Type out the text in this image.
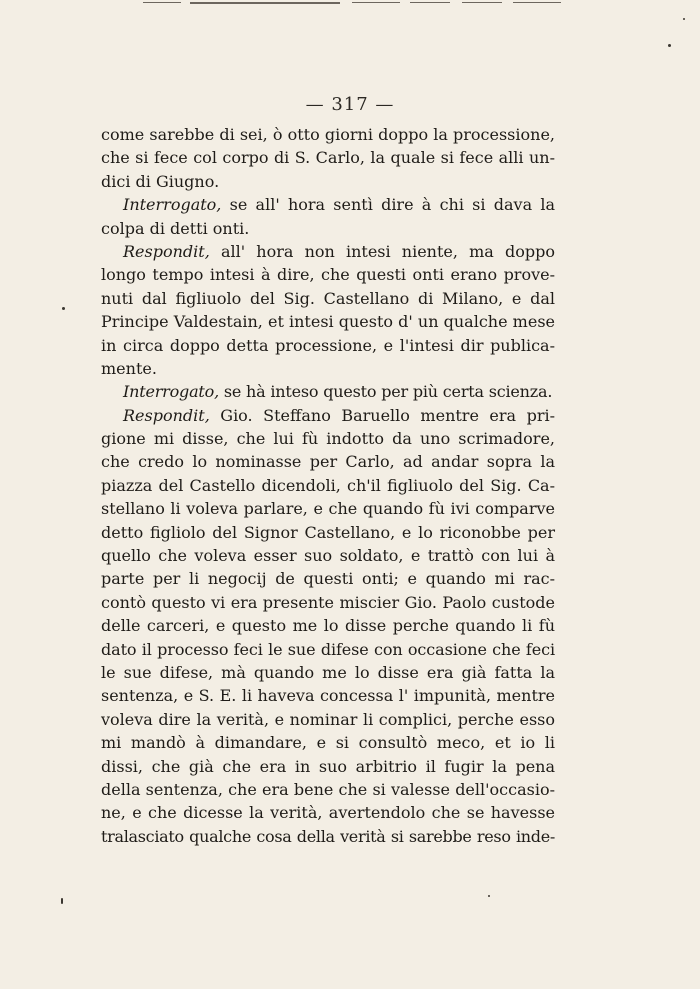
— 317 —
come sarebbe di sei, ò otto giorni doppo la processione,
che si fece col corpo di S. Carlo, la quale si fece alli un-
dici di Giugno.
Interrogato, se all' hora sentì dire à chi si dava la
colpa di detti onti.
Respondit, all' hora non intesi niente, ma doppo
longo tempo intesi à dire, che questi onti erano prove-
nuti dal figliuolo del Sig. Castellano di Milano, e dal
Principe Valdestain, et intesi questo d' un qualche mese
in circa doppo detta processione, e l'intesi dir publica-
mente.
Interrogato, se hà inteso questo per più certa scienza.
Respondit, Gio. Steffano Baruello mentre era pri-
gione mi disse, che lui fù indotto da uno scrimadore,
che credo lo nominasse per Carlo, ad andar sopra la
piazza del Castello dicendoli, ch'il figliuolo del Sig. Ca-
stellano li voleva parlare, e che quando fù ivi comparve
detto figliolo del Signor Castellano, e lo riconobbe per
quello che voleva esser suo soldato, e trattò con lui à
parte per li negocij de questi onti; e quando mi rac-
contò questo vi era presente miscier Gio. Paolo custode
delle carceri, e questo me lo disse perche quando li fù
dato il processo feci le sue difese con occasione che feci
le sue difese, mà quando me lo disse era già fatta la
sentenza, e S. E. li haveva concessa l' impunità, mentre
voleva dire la verità, e nominar li complici, perche esso
mi mandò à dimandare, e si consultò meco, et io li
dissi, che già che era in suo arbitrio il fugir la pena
della sentenza, che era bene che si valesse dell'occasio-
ne, e che dicesse la verità, avertendolo che se havesse
tralasciato qualche cosa della verità si sarebbe reso inde-
